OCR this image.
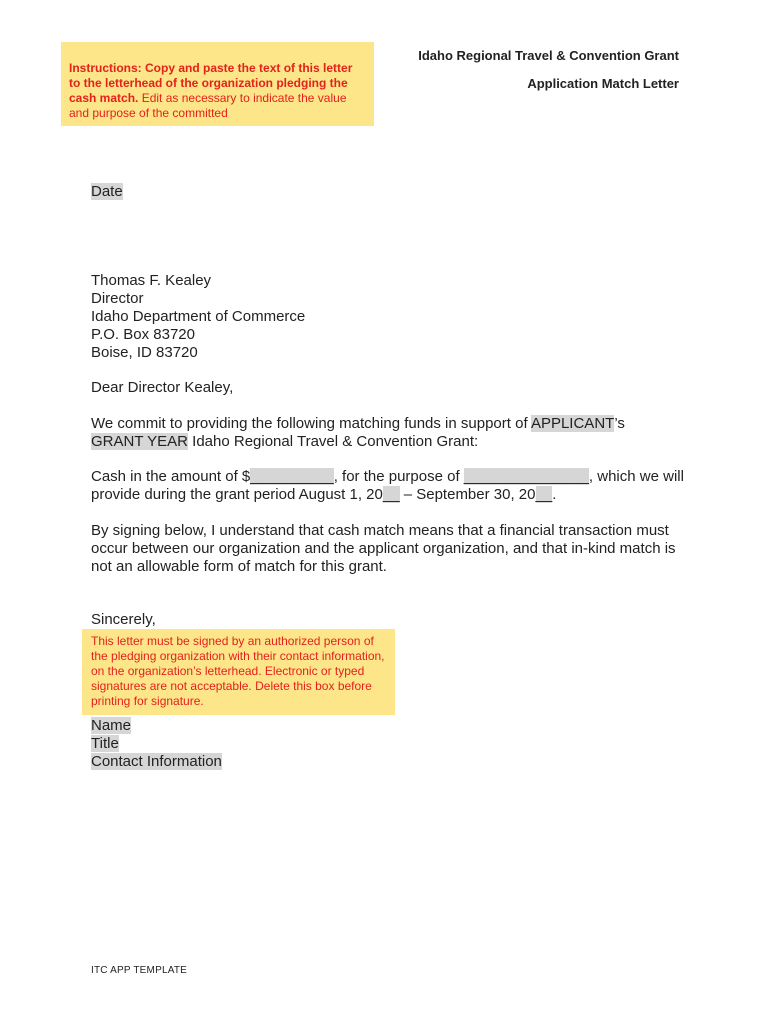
Instructions: Copy and paste the text of this letter to the letterhead of the organization pledging the cash match. Edit as necessary to indicate the value and purpose of the committed
Idaho Regional Travel & Convention Grant
Application Match Letter
Date
Thomas F. Kealey
Director
Idaho Department of Commerce
P.O. Box 83720
Boise, ID 83720
Dear Director Kealey,
We commit to providing the following matching funds in support of APPLICANT’s
GRANT YEAR Idaho Regional Travel & Convention Grant:
Cash in the amount of $__________, for the purpose of _______________, which we will provide during the grant period August 1, 20__ – September 30, 20__.
By signing below, I understand that cash match means that a financial transaction must occur between our organization and the applicant organization, and that in-kind match is not an allowable form of match for this grant.
Sincerely,
This letter must be signed by an authorized person of the pledging organization with their contact information, on the organization’s letterhead. Electronic or typed signatures are not acceptable. Delete this box before printing for signature.
Name
Title
Contact Information
ITC APP TEMPLATE
